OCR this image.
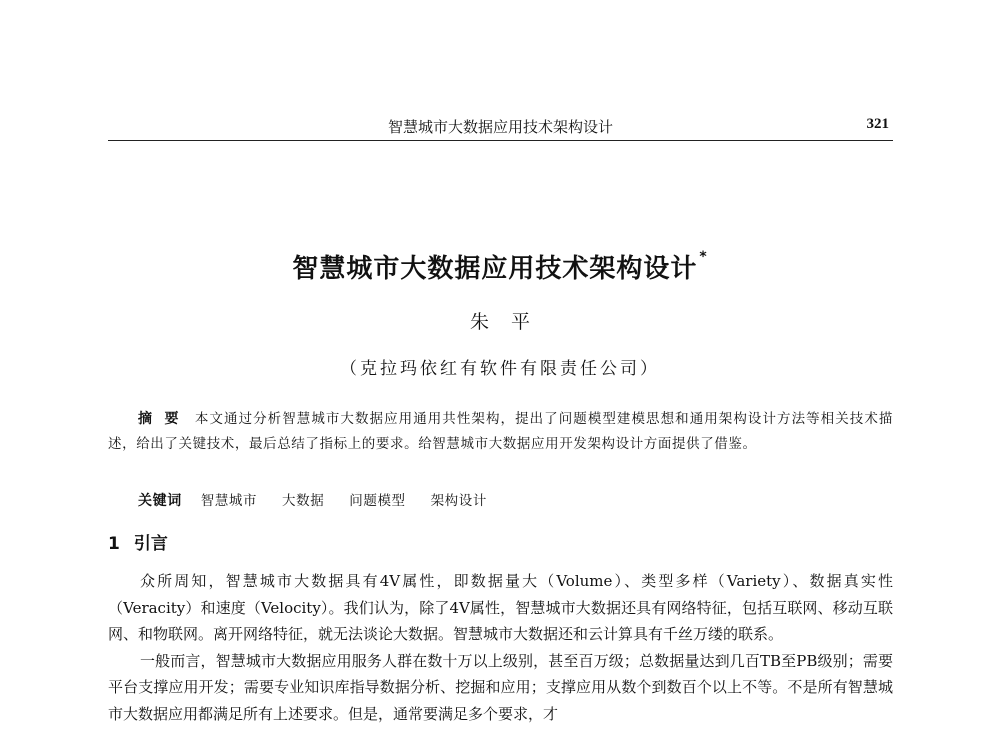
智慧城市大数据应用技术架构设计	321
智慧城市大数据应用技术架构设计 *
朱平
（克拉玛依红有软件有限责任公司）
摘要 本文通过分析智慧城市大数据应用通用共性架构，提出了问题模型建模思想和通用架构设计方法等相关技术描述，给出了关键技术，最后总结了指标上的要求。给智慧城市大数据应用开发架构设计方面提供了借鉴。
关键词 智慧城市 大数据 问题模型 架构设计
1 引言

众所周知，智慧城市大数据具有4V属性，即数据量大（Volume）、类型多样（Variety）、数据真实性（Veracity）和速度（Velocity）。我们认为，除了4V属性，智慧城市大数据还具有网络特征，包括互联网、移动互联网、和物联网。离开网络特征，就无法谈论大数据。智慧城市大数据还和云计算具有千丝万缕的联系。

一般而言，智慧城市大数据应用服务人群在数十万以上级别，甚至百万级；总数据量达到几百TB至PB级别；需要平台支撑应用开发；需要专业知识库指导数据分析、挖掘和应用；支撑应用从数个到数百个以上不等。不是所有智慧城市大数据应用都满足所有上述要求。但是，通常要满足多个要求，才
